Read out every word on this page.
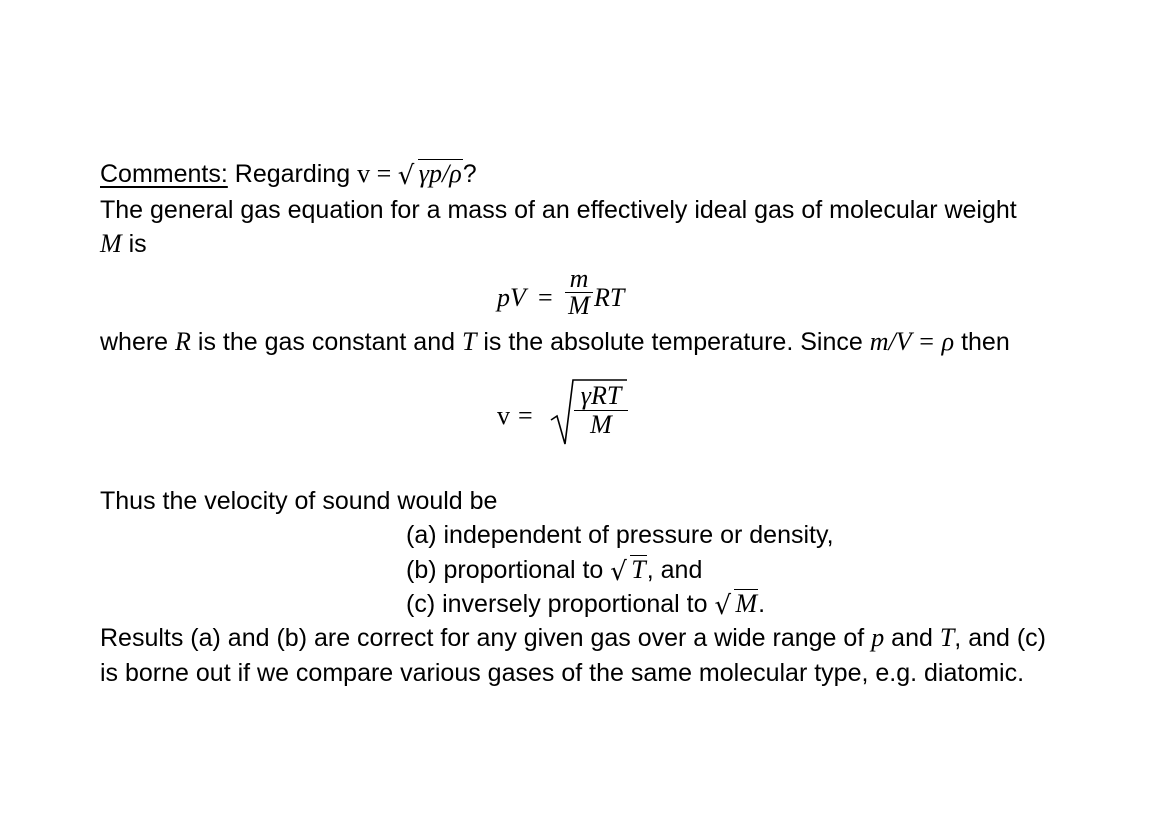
Comments: Regarding v = √ γp/ρ?
The general gas equation for a mass of an effectively ideal gas of molecular weight
M is
pV =
m
M RT
where R is the gas constant and T is the absolute temperature. Since m/V = ρ then
v =
γRT
M
Thus the velocity of sound would be
(a) independent of pressure or density,
(b) proportional to √ T, and
(c) inversely proportional to √ M.
Results (a) and (b) are correct for any given gas over a wide range of p and T, and (c)
is borne out if we compare various gases of the same molecular type, e.g. diatomic.
